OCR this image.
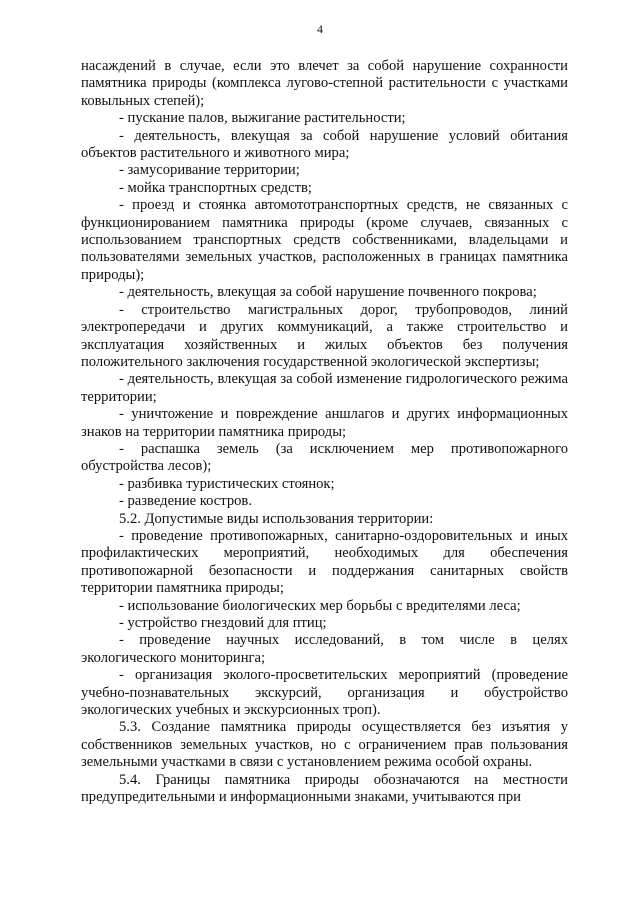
4

насаждений в случае, если это влечет за собой нарушение сохранности памятника природы (комплекса лугово-степной растительности с участками ковыльных степей);

- пускание палов, выжигание растительности;

- деятельность, влекущая за собой нарушение условий обитания объектов растительного и животного мира;

- замусоривание территории;

- мойка транспортных средств;

- проезд и стоянка автомототранспортных средств, не связанных с функционированием памятника природы (кроме случаев, связанных с использованием транспортных средств собственниками, владельцами и пользователями земельных участков, расположенных в границах памятника природы);

- деятельность, влекущая за собой нарушение почвенного покрова;

- строительство магистральных дорог, трубопроводов, линий электропередачи и других коммуникаций, а также строительство и эксплуатация хозяйственных и жилых объектов без получения положительного заключения государственной экологической экспертизы;

- деятельность, влекущая за собой изменение гидрологического режима территории;

- уничтожение и повреждение аншлагов и других информационных знаков на территории памятника природы;

- распашка земель (за исключением мер противопожарного обустройства лесов);

- разбивка туристических стоянок;

- разведение костров.

5.2. Допустимые виды использования территории:

- проведение противопожарных, санитарно-оздоровительных и иных профилактических мероприятий, необходимых для обеспечения противопожарной безопасности и поддержания санитарных свойств территории памятника природы;

- использование биологических мер борьбы с вредителями леса;

- устройство гнездовий для птиц;

- проведение научных исследований, в том числе в целях экологического мониторинга;

- организация эколого-просветительских мероприятий (проведение учебно-познавательных экскурсий, организация и обустройство экологических учебных и экскурсионных троп).

5.3. Создание памятника природы осуществляется без изъятия у собственников земельных участков, но с ограничением прав пользования земельными участками в связи с установлением режима особой охраны.

5.4. Границы памятника природы обозначаются на местности предупредительными и информационными знаками, учитываются при
